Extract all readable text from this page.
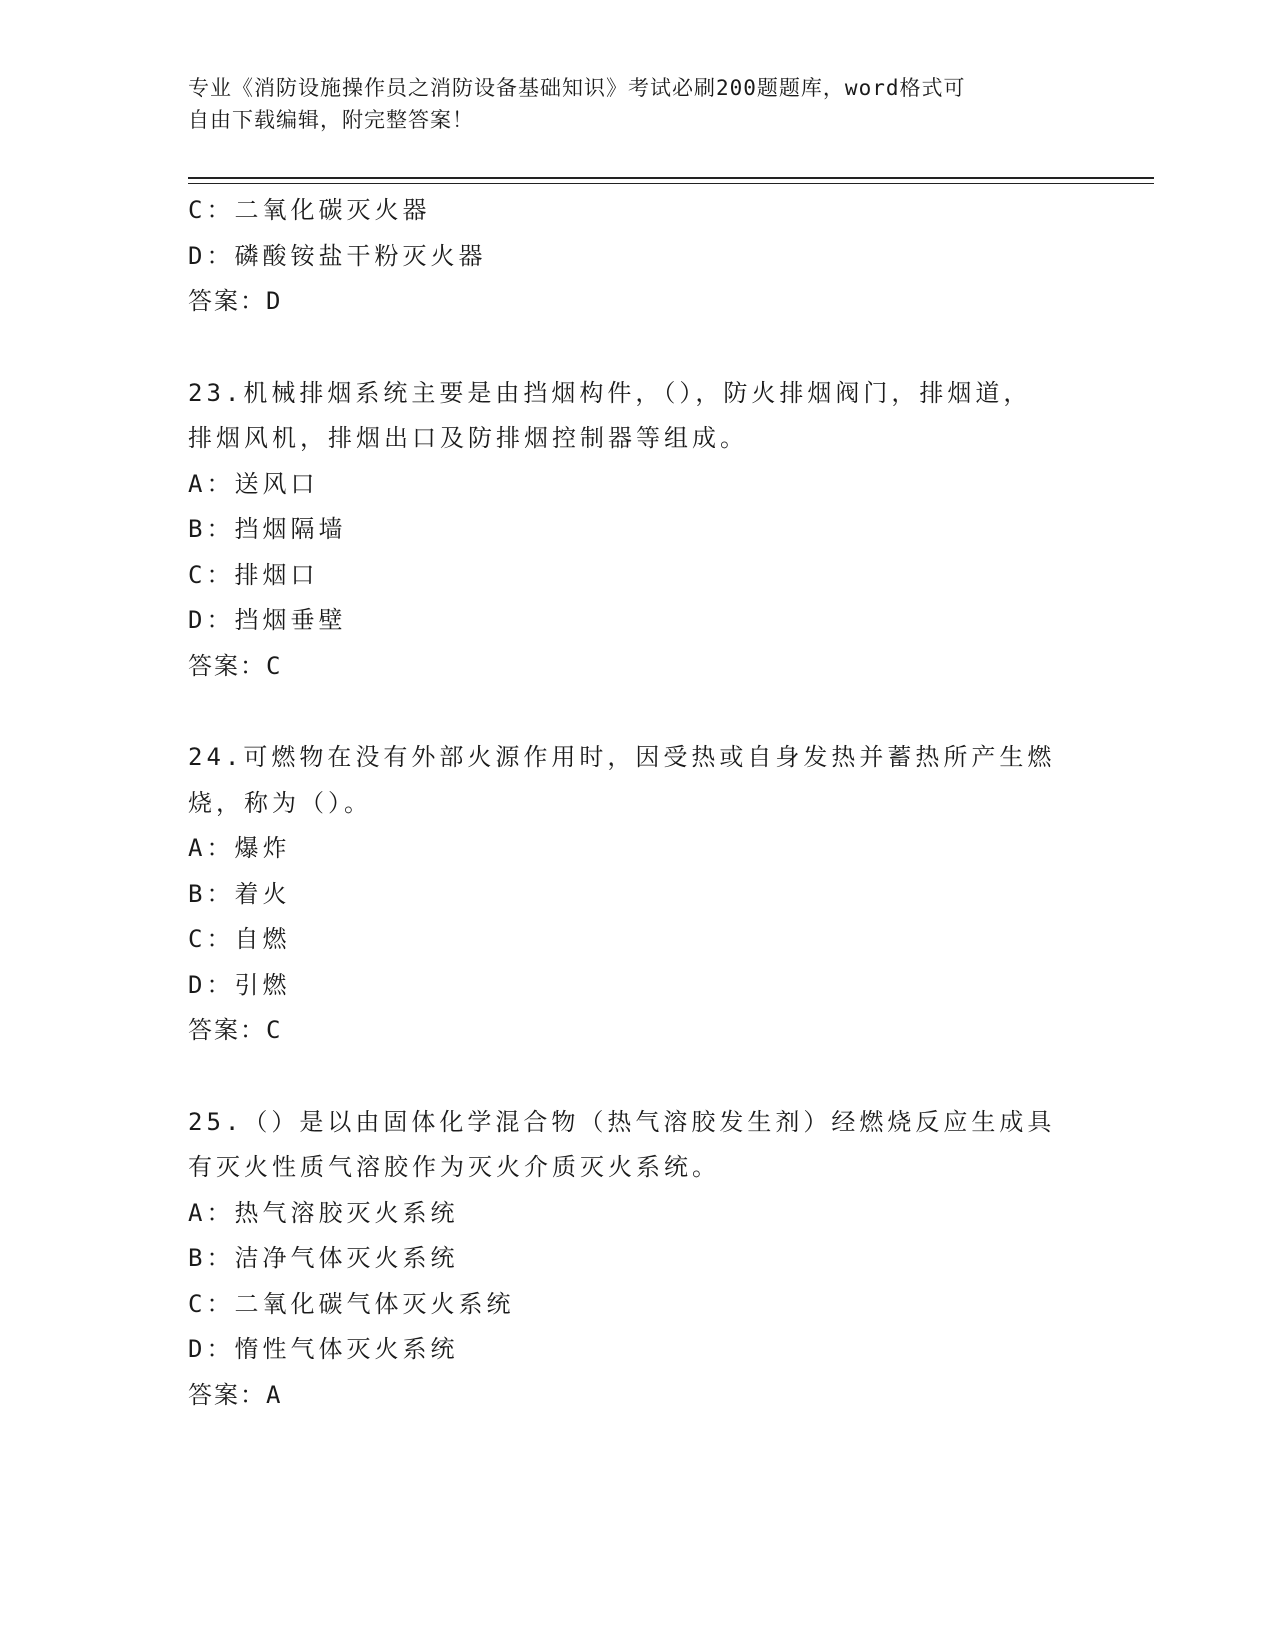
专业《消防设施操作员之消防设备基础知识》考试必刷200题题库，word格式可
自由下载编辑，附完整答案！
C：二氧化碳灭火器
D：磷酸铵盐干粉灭火器
答案：D
23.机械排烟系统主要是由挡烟构件，（），防火排烟阀门，排烟道，
排烟风机，排烟出口及防排烟控制器等组成。
A：送风口
B：挡烟隔墙
C：排烟口
D：挡烟垂壁
答案：C
24.可燃物在没有外部火源作用时，因受热或自身发热并蓄热所产生燃
烧，称为（）。
A：爆炸
B：着火
C：自燃
D：引燃
答案：C
25.（）是以由固体化学混合物（热气溶胶发生剂）经燃烧反应生成具
有灭火性质气溶胶作为灭火介质灭火系统。
A：热气溶胶灭火系统
B：洁净气体灭火系统
C：二氧化碳气体灭火系统
D：惰性气体灭火系统
答案：A
